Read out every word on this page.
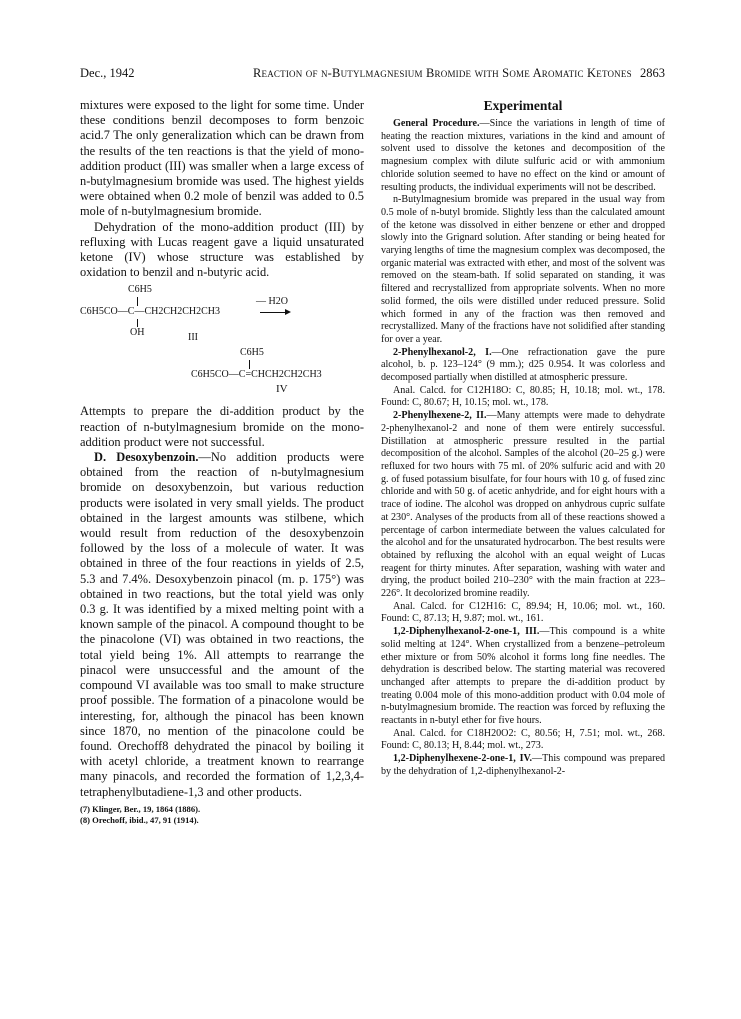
Dec., 1942	Reaction of n-Butylmagnesium Bromide with Some Aromatic Ketones 2863

mixtures were exposed to the light for some time. Under these conditions benzil decomposes to form benzoic acid.7 The only generalization which can be drawn from the results of the ten reactions is that the yield of mono-addition product (III) was smaller when a large excess of n-butylmagnesium bromide was used. The highest yields were obtained when 0.2 mole of benzil was added to 0.5 mole of n-butylmagnesium bromide.

Dehydration of the mono-addition product (III) by refluxing with Lucas reagent gave a liquid unsaturated ketone (IV) whose structure was established by oxidation to benzil and n-butyric acid.

C6H5
C6H5CO—C—CH2CH2CH2CH3
— H2O
OH	III
C6H5
C6H5CO—C=CHCH2CH2CH3
IV

Attempts to prepare the di-addition product by the reaction of n-butylmagnesium bromide on the mono-addition product were not successful.

D. Desoxybenzoin.—No addition products were obtained from the reaction of n-butylmagnesium bromide on desoxybenzoin, but various reduction products were isolated in very small yields. The product obtained in the largest amounts was stilbene, which would result from reduction of the desoxybenzoin followed by the loss of a molecule of water. It was obtained in three of the four reactions in yields of 2.5, 5.3 and 7.4%. Desoxybenzoin pinacol (m. p. 175°) was obtained in two reactions, but the total yield was only 0.3 g. It was identified by a mixed melting point with a known sample of the pinacol. A compound thought to be the pinacolone (VI) was obtained in two reactions, the total yield being 1%. All attempts to rearrange the pinacol were unsuccessful and the amount of the compound VI available was too small to make structure proof possible. The formation of a pinacolone would be interesting, for, although the pinacol has been known since 1870, no mention of the pinacolone could be found. Orechoff8 dehydrated the pinacol by boiling it with acetyl chloride, a treatment known to rearrange many pinacols, and recorded the formation of 1,2,3,4-tetraphenylbutadiene-1,3 and other products.

(7) Klinger, Ber., 19, 1864 (1886).

(8) Orechoff, ibid., 47, 91 (1914).

Experimental

General Procedure.—Since the variations in length of time of heating the reaction mixtures, variations in the kind and amount of solvent used to dissolve the ketones and decomposition of the magnesium complex with dilute sulfuric acid or with ammonium chloride solution seemed to have no effect on the kind or amount of resulting products, the individual experiments will not be described.

n-Butylmagnesium bromide was prepared in the usual way from 0.5 mole of n-butyl bromide. Slightly less than the calculated amount of the ketone was dissolved in either benzene or ether and dropped slowly into the Grignard solution. After standing or being heated for varying lengths of time the magnesium complex was decomposed, the organic material was extracted with ether, and most of the solvent was removed on the steam-bath. If solid separated on standing, it was filtered and recrystallized from appropriate solvents. When no more solid formed, the oils were distilled under reduced pressure. Solid which formed in any of the fraction was then removed and recrystallized. Many of the fractions have not solidified after standing for over a year.

2-Phenylhexanol-2, I.—One refractionation gave the pure alcohol, b. p. 123–124° (9 mm.); d25 0.954. It was colorless and decomposed partially when distilled at atmospheric pressure.

Anal. Calcd. for C12H18O: C, 80.85; H, 10.18; mol. wt., 178. Found: C, 80.67; H, 10.15; mol. wt., 178.

2-Phenylhexene-2, II.—Many attempts were made to dehydrate 2-phenylhexanol-2 and none of them were entirely successful. Distillation at atmospheric pressure resulted in the partial decomposition of the alcohol. Samples of the alcohol (20–25 g.) were refluxed for two hours with 75 ml. of 20% sulfuric acid and with 20 g. of fused potassium bisulfate, for four hours with 10 g. of fused zinc chloride and with 50 g. of acetic anhydride, and for eight hours with a trace of iodine. The alcohol was dropped on anhydrous cupric sulfate at 230°. Analyses of the products from all of these reactions showed a percentage of carbon intermediate between the values calculated for the alcohol and for the unsaturated hydrocarbon. The best results were obtained by refluxing the alcohol with an equal weight of Lucas reagent for thirty minutes. After separation, washing with water and drying, the product boiled 210–230° with the main fraction at 223–226°. It decolorized bromine readily.

Anal. Calcd. for C12H16: C, 89.94; H, 10.06; mol. wt., 160. Found: C, 87.13; H, 9.87; mol. wt., 161.

1,2-Diphenylhexanol-2-one-1, III.—This compound is a white solid melting at 124°. When crystallized from a benzene–petroleum ether mixture or from 50% alcohol it forms long fine needles. The dehydration is described below. The starting material was recovered unchanged after attempts to prepare the di-addition product by treating 0.004 mole of this mono-addition product with 0.04 mole of n-butylmagnesium bromide. The reaction was forced by refluxing the reactants in n-butyl ether for five hours.

Anal. Calcd. for C18H20O2: C, 80.56; H, 7.51; mol. wt., 268. Found: C, 80.13; H, 8.44; mol. wt., 273.

1,2-Diphenylhexene-2-one-1, IV.—This compound was prepared by the dehydration of 1,2-diphenylhexanol-2-
